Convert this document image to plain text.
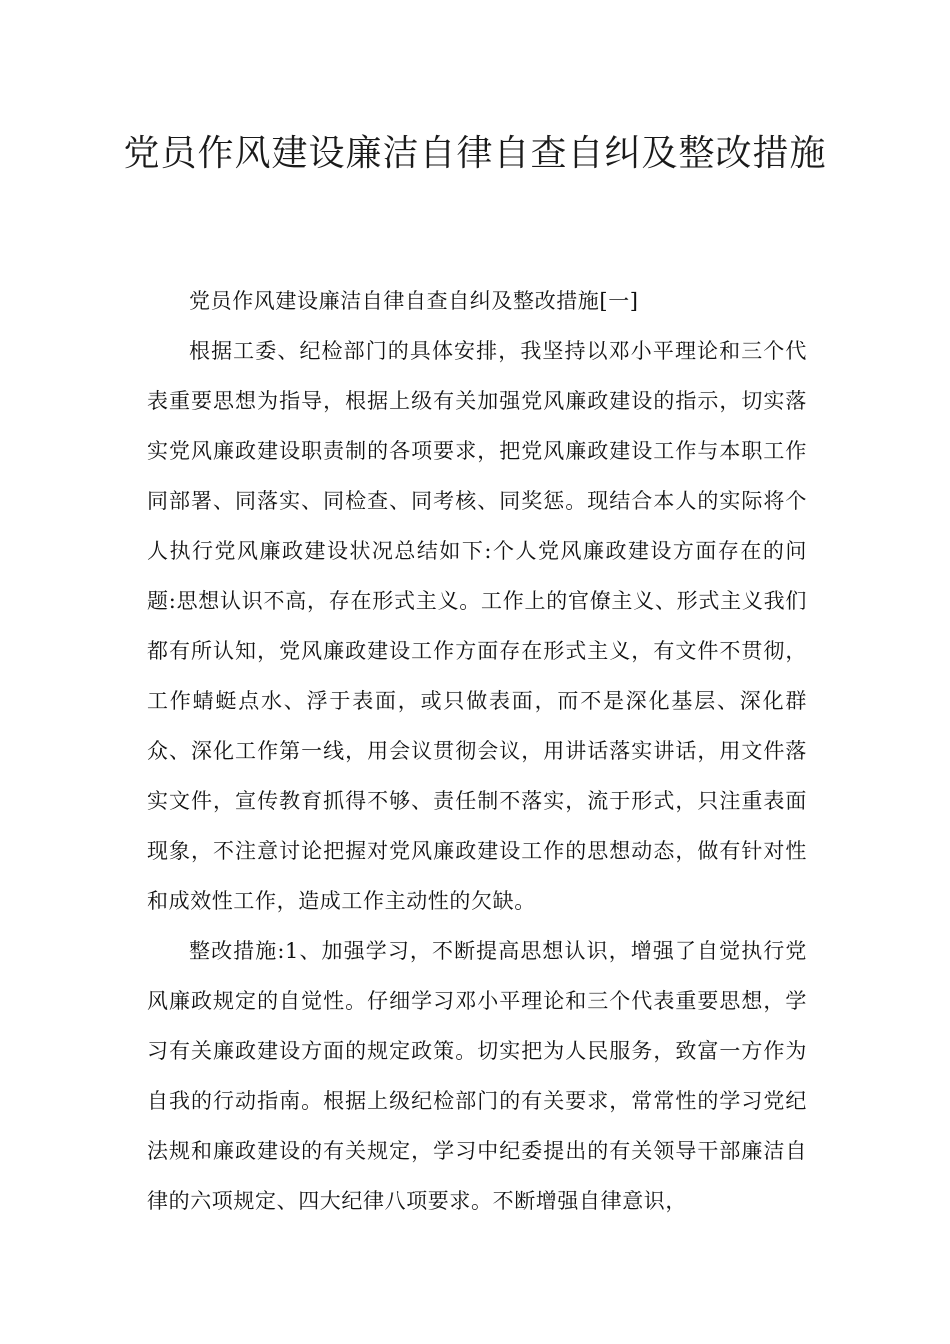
党员作风建设廉洁自律自查自纠及整改措施

党员作风建设廉洁自律自查自纠及整改措施[一]

根据工委、纪检部门的具体安排，我坚持以邓小平理论和三个代表重要思想为指导，根据上级有关加强党风廉政建设的指示，切实落实党风廉政建设职责制的各项要求，把党风廉政建设工作与本职工作同部署、同落实、同检查、同考核、同奖惩。现结合本人的实际将个人执行党风廉政建设状况总结如下:个人党风廉政建设方面存在的问题:思想认识不高，存在形式主义。工作上的官僚主义、形式主义我们都有所认知，党风廉政建设工作方面存在形式主义，有文件不贯彻，工作蜻蜓点水、浮于表面，或只做表面，而不是深化基层、深化群众、深化工作第一线，用会议贯彻会议，用讲话落实讲话，用文件落实文件，宣传教育抓得不够、责任制不落实，流于形式，只注重表面现象，不注意讨论把握对党风廉政建设工作的思想动态，做有针对性和成效性工作，造成工作主动性的欠缺。

整改措施:1、加强学习，不断提高思想认识，增强了自觉执行党风廉政规定的自觉性。仔细学习邓小平理论和三个代表重要思想，学习有关廉政建设方面的规定政策。切实把为人民服务，致富一方作为自我的行动指南。根据上级纪检部门的有关要求，常常性的学习党纪法规和廉政建设的有关规定，学习中纪委提出的有关领导干部廉洁自律的六项规定、四大纪律八项要求。不断增强自律意识，
